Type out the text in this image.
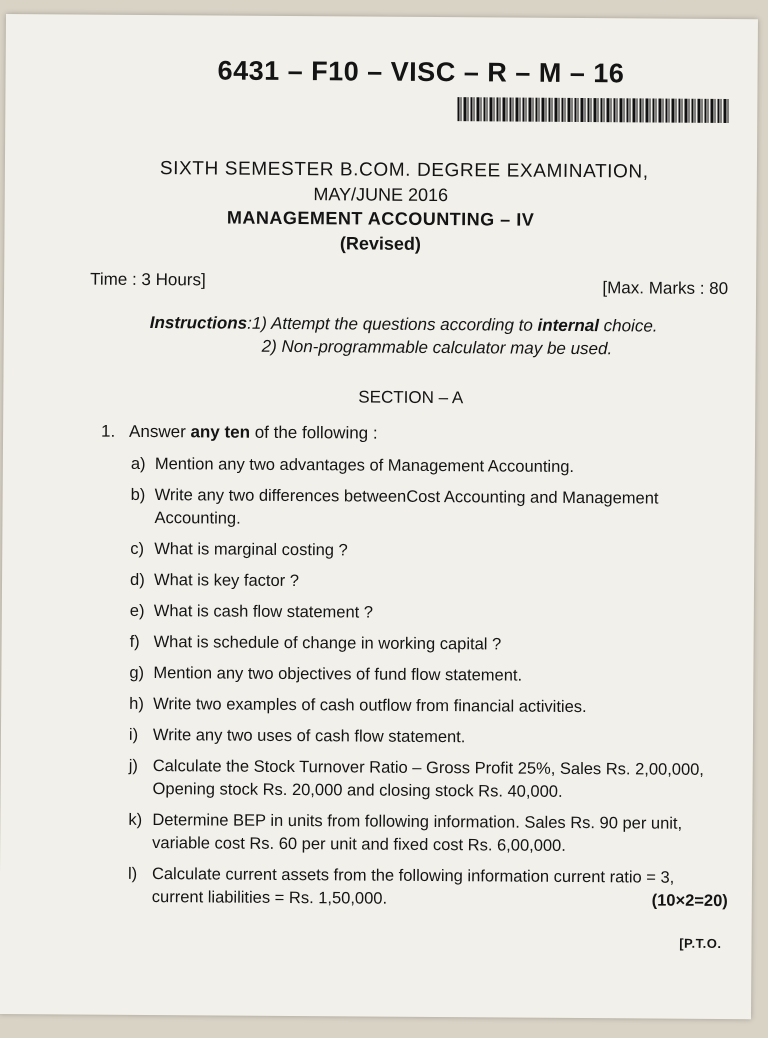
6431 – F10 – VISC – R – M – 16
SIXTH SEMESTER B.COM. DEGREE EXAMINATION,
MAY/JUNE 2016
MANAGEMENT ACCOUNTING – IV
(Revised)
Time : 3 Hours]	[Max. Marks : 80
Instructions:1) Attempt the questions according to internal choice.
2) Non-programmable calculator may be used.
SECTION – A
1. Answer any ten of the following :
a) Mention any two advantages of Management Accounting.
b) Write any two differences betweenCost Accounting and Management Accounting.
c) What is marginal costing ?
d) What is key factor ?
e) What is cash flow statement ?
f) What is schedule of change in working capital ?
g) Mention any two objectives of fund flow statement.
h) Write two examples of cash outflow from financial activities.
i) Write any two uses of cash flow statement.
j) Calculate the Stock Turnover Ratio – Gross Profit 25%, Sales Rs. 2,00,000, Opening stock Rs. 20,000 and closing stock Rs. 40,000.
k) Determine BEP in units from following information. Sales Rs. 90 per unit, variable cost Rs. 60 per unit and fixed cost Rs. 6,00,000.
l) Calculate current assets from the following information current ratio = 3, current liabilities = Rs. 1,50,000.	(10×2=20)
[P.T.O.
